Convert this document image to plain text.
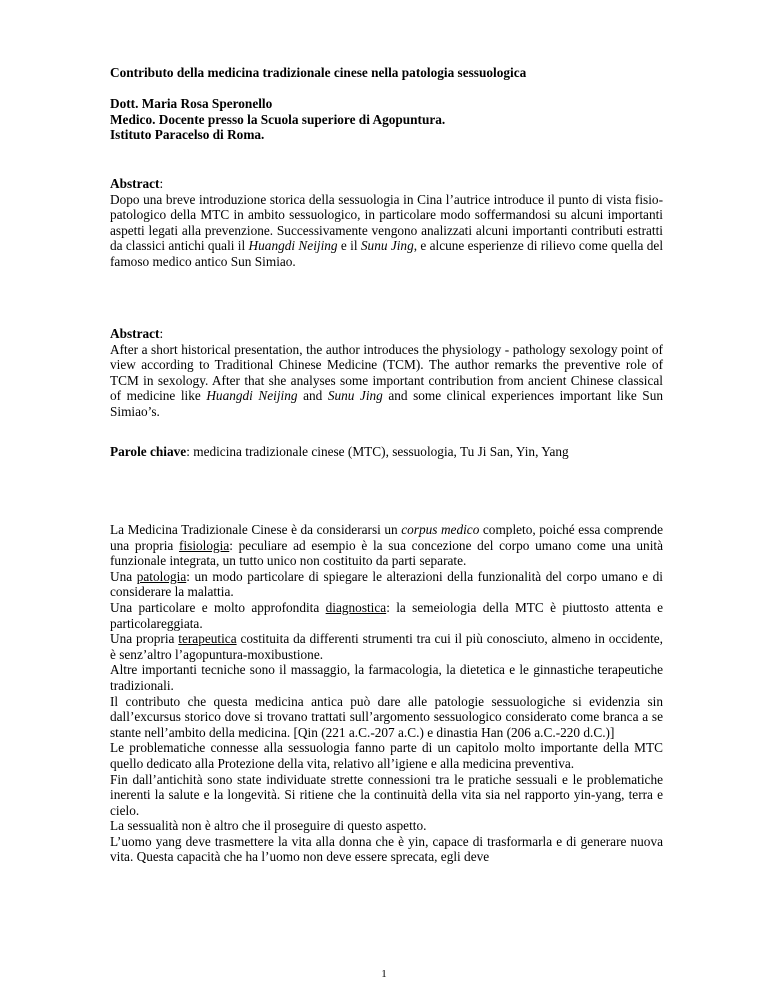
Contributo della medicina tradizionale cinese nella patologia sessuologica
Dott. Maria Rosa Speronello
Medico. Docente presso la Scuola superiore di Agopuntura.
Istituto Paracelso di Roma.
Abstract:
Dopo una breve introduzione storica della sessuologia in Cina l’autrice introduce il punto di vista fisio-patologico della MTC in ambito sessuologico, in particolare modo soffermandosi su alcuni importanti aspetti legati alla prevenzione. Successivamente vengono analizzati alcuni importanti contributi estratti da classici antichi quali il Huangdi Neijing e il Sunu Jing, e alcune esperienze di rilievo come quella del famoso medico antico Sun Simiao.
Abstract:
After a short historical presentation, the author introduces the physiology - pathology sexology point of view according to Traditional Chinese Medicine (TCM). The author remarks the preventive role of TCM in sexology. After that she analyses some important contribution from ancient Chinese classical of medicine like Huangdi Neijing and Sunu Jing and some clinical experiences important like Sun Simiao’s.
Parole chiave: medicina tradizionale cinese (MTC), sessuologia, Tu Ji San, Yin, Yang
La Medicina Tradizionale Cinese è da considerarsi un corpus medico completo, poiché essa comprende una propria fisiologia: peculiare ad esempio è la sua concezione del corpo umano come una unità funzionale integrata, un tutto unico non costituito da parti separate.
Una patologia: un modo particolare di spiegare le alterazioni della funzionalità del corpo umano e di considerare la malattia.
Una particolare e molto approfondita diagnostica: la semeiologia della MTC è piuttosto attenta e particolareggiata.
Una propria terapeutica costituita da differenti strumenti tra cui il più conosciuto, almeno in occidente, è senz’altro l’agopuntura-moxibustione.
Altre importanti tecniche sono il massaggio, la farmacologia, la dietetica e le ginnastiche terapeutiche tradizionali.
Il contributo che questa medicina antica può dare alle patologie sessuologiche si evidenzia sin dall’excursus storico dove si trovano trattati sull’argomento sessuologico considerato come branca a se stante nell’ambito della medicina. [Qin (221 a.C.-207 a.C.) e dinastia Han (206 a.C.-220 d.C.)]
Le problematiche connesse alla sessuologia fanno parte di un capitolo molto importante della MTC quello dedicato alla Protezione della vita, relativo all’igiene e alla medicina preventiva.
Fin dall’antichità sono state individuate strette connessioni tra le pratiche sessuali e le problematiche inerenti la salute e la longevità. Si ritiene che la continuità della vita sia nel rapporto yin-yang, terra e cielo.
La sessualità non è altro che il proseguire di questo aspetto.
L’uomo yang deve trasmettere la vita alla donna che è yin, capace di trasformarla e di generare nuova vita. Questa capacità che ha l’uomo non deve essere sprecata, egli deve
1
